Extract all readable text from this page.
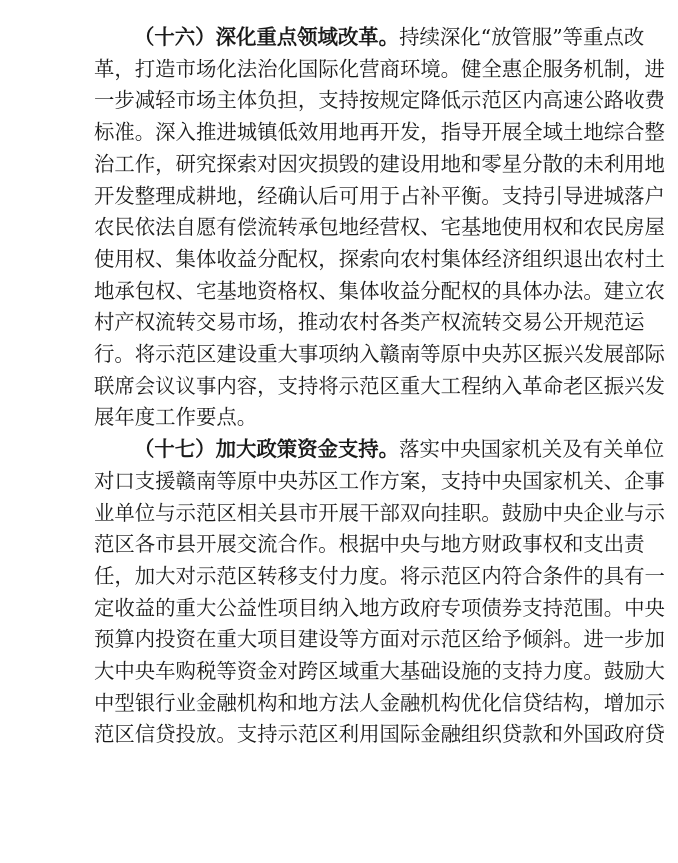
（十六）深化重点领域改革。持续深化“放管服”等重点改
革，打造市场化法治化国际化营商环境。健全惠企服务机制，进
一步减轻市场主体负担，支持按规定降低示范区内高速公路收费
标准。深入推进城镇低效用地再开发，指导开展全域土地综合整
治工作，研究探索对因灾损毁的建设用地和零星分散的未利用地
开发整理成耕地，经确认后可用于占补平衡。支持引导进城落户
农民依法自愿有偿流转承包地经营权、宅基地使用权和农民房屋
使用权、集体收益分配权，探索向农村集体经济组织退出农村土
地承包权、宅基地资格权、集体收益分配权的具体办法。建立农
村产权流转交易市场，推动农村各类产权流转交易公开规范运
行。将示范区建设重大事项纳入赣南等原中央苏区振兴发展部际
联席会议议事内容，支持将示范区重大工程纳入革命老区振兴发
展年度工作要点。
（十七）加大政策资金支持。落实中央国家机关及有关单位
对口支援赣南等原中央苏区工作方案，支持中央国家机关、企事
业单位与示范区相关县市开展干部双向挂职。鼓励中央企业与示
范区各市县开展交流合作。根据中央与地方财政事权和支出责
任，加大对示范区转移支付力度。将示范区内符合条件的具有一
定收益的重大公益性项目纳入地方政府专项债券支持范围。中央
预算内投资在重大项目建设等方面对示范区给予倾斜。进一步加
大中央车购税等资金对跨区域重大基础设施的支持力度。鼓励大
中型银行业金融机构和地方法人金融机构优化信贷结构，增加示
范区信贷投放。支持示范区利用国际金融组织贷款和外国政府贷
